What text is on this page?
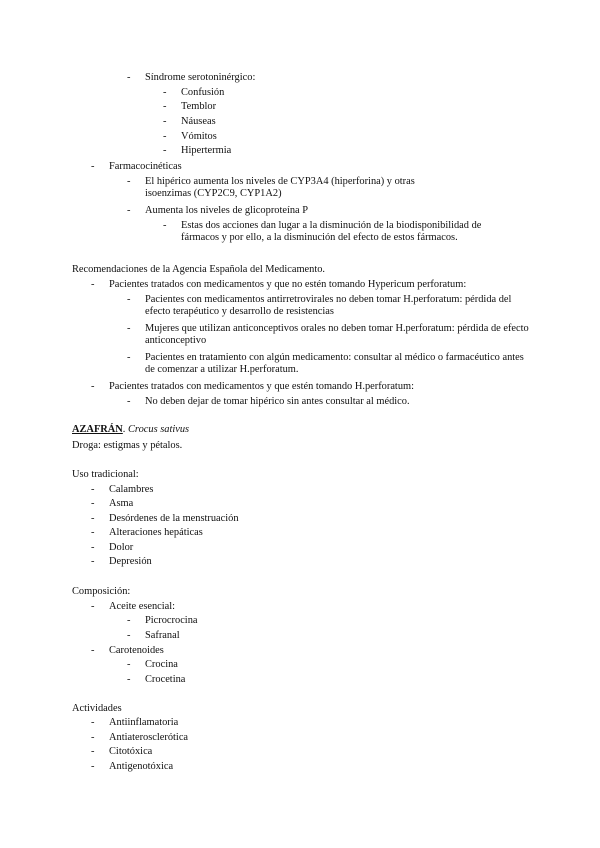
- Síndrome serotoninérgico:
- Confusión
- Temblor
- Náuseas
- Vómitos
- Hipertermia
- Farmacocinéticas
- El hipérico aumenta los niveles de CYP3A4 (hiperforina) y otras isoenzimas (CYP2C9, CYP1A2)
- Aumenta los niveles de glicoproteína P
- Estas dos acciones dan lugar a la disminución de la biodisponibilidad de fármacos y por ello, a la disminución del efecto de estos fármacos.
Recomendaciones de la Agencia Española del Medicamento.
- Pacientes tratados con medicamentos y que no estén tomando Hypericum perforatum:
- Pacientes con medicamentos antirretrovirales no deben tomar H.perforatum: pérdida del efecto terapéutico y desarrollo de resistencias
- Mujeres que utilizan anticonceptivos orales no deben tomar H.perforatum: pérdida de efecto anticonceptivo
- Pacientes en tratamiento con algún medicamento: consultar al médico o farmacéutico antes de comenzar a utilizar H.perforatum.
- Pacientes tratados con medicamentos y que estén tomando H.perforatum:
- No deben dejar de tomar hipérico sin antes consultar al médico.
AZAFRÁN. Crocus sativus
Droga: estigmas y pétalos.
Uso tradicional:
- Calambres
- Asma
- Desórdenes de la menstruación
- Alteraciones hepáticas
- Dolor
- Depresión
Composición:
- Aceite esencial:
- Picrocrocina
- Safranal
- Carotenoides
- Crocina
- Crocetina
Actividades
- Antiinflamatoria
- Antiaterosclerótica
- Citotóxica
- Antigenotóxica
